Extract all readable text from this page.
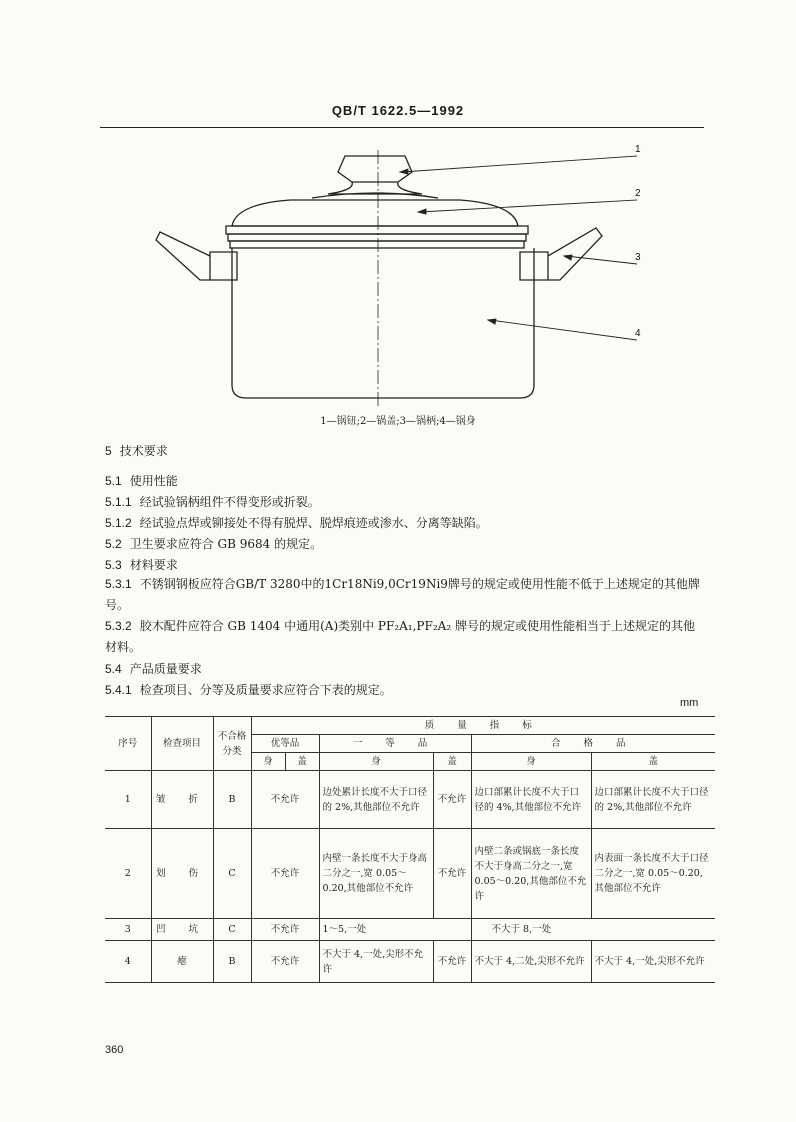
QB/T 1622.5—1992
1
2
3
4
1—锅钮;2—锅盖;3—锅柄;4—锅身
5 技术要求
5.1 使用性能
5.1.1 经试验锅柄组件不得变形或折裂。
5.1.2 经试验点焊或铆接处不得有脱焊、脱焊痕迹或渗水、分离等缺陷。
5.2 卫生要求应符合 GB 9684 的规定。
5.3 材料要求
5.3.1 不锈钢钢板应符合GB/T 3280中的1Cr18Ni9,0Cr19Ni9牌号的规定或使用性能不低于上述规定的其他牌号。
5.3.2 胶木配件应符合 GB 1404 中通用(A)类别中 PF₂A₁,PF₂A₂ 牌号的规定或使用性能相当于上述规定的其他材料。
5.4 产品质量要求
5.4.1 检查项目、分等及质量要求应符合下表的规定。
mm
序号	检查项目	不合格分类	质 量 指 标					
			优等品		一 等 品		合 格 品	
			身	盖	身	盖	身	盖
1	皱 折	B	不允许		边处累计长度不大于口径的 2%,其他部位不允许	不允许	边口部累计长度不大于口径的 4%,其他部位不允许	边口部累计长度不大于口径的 2%,其他部位不允许
2	划 伤	C	不允许		内壁一条长度不大于身高二分之一,宽 0.05～0.20,其他部位不允许	不允许	内壁二条或锅底一条长度不大于身高二分之一,宽 0.05～0.20,其他部位不允许	内表面一条长度不大于口径二分之一,宽 0.05～0.20,其他部位不允许
3	凹 坑	C	不允许		1～5,一处		不大于 8,一处	
4	瘪	B	不允许		不大于 4,一处,尖形不允许	不允许	不大于 4,二处,尖形不允许	不大于 4,一处,尖形不允许
360
